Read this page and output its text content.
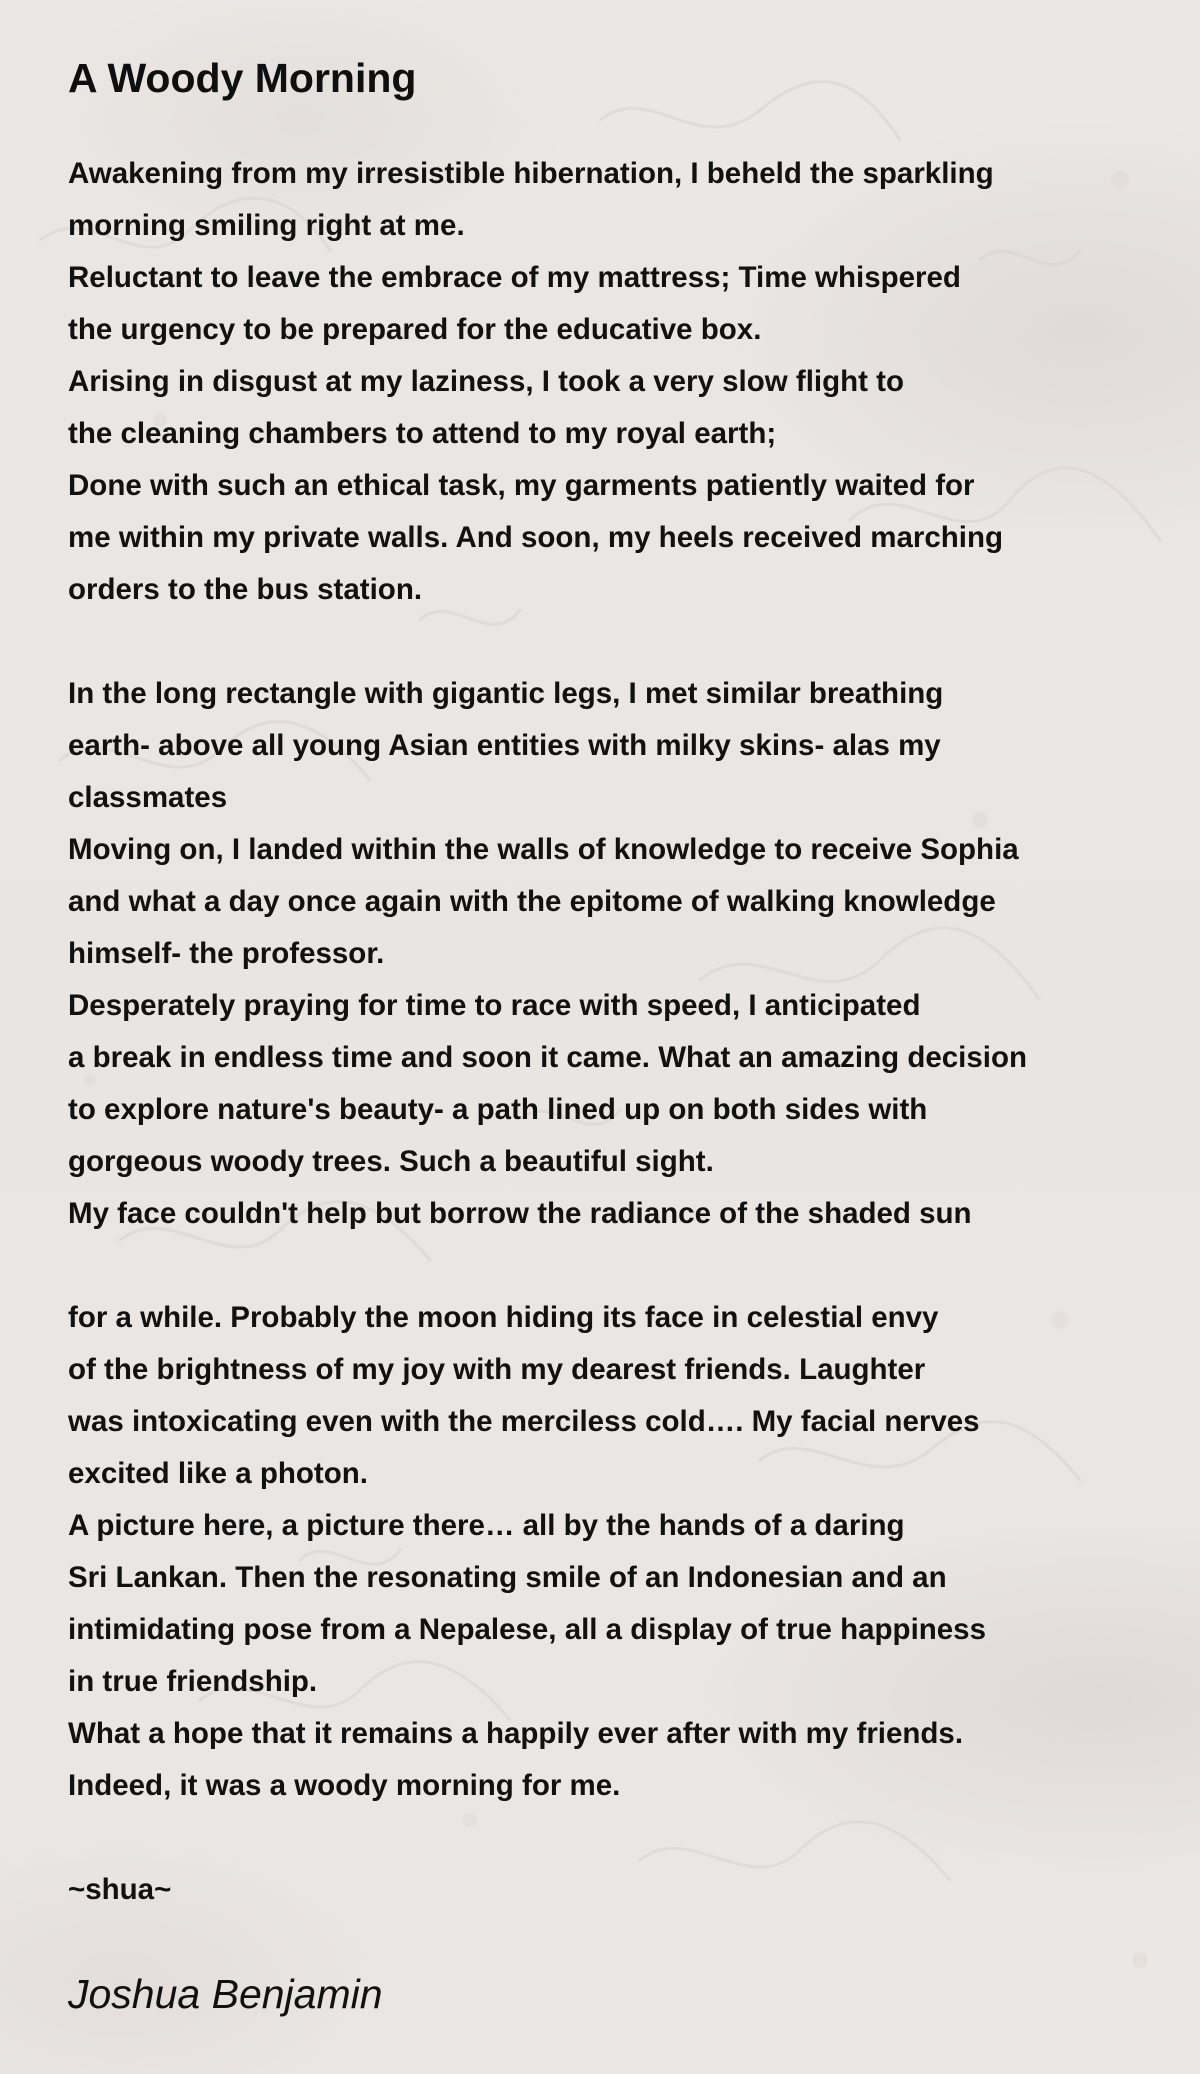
A Woody Morning
Awakening from my irresistible hibernation, I beheld the sparkling
morning smiling right at me.
Reluctant to leave the embrace of my mattress; Time whispered
the urgency to be prepared for the educative box.
Arising in disgust at my laziness, I took a very slow flight to
the cleaning chambers to attend to my royal earth;
Done with such an ethical task, my garments patiently waited for
me within my private walls. And soon, my heels received marching
orders to the bus station.
In the long rectangle with gigantic legs, I met similar breathing
earth- above all young Asian entities with milky skins- alas my
classmates
Moving on, I landed within the walls of knowledge to receive Sophia
and what a day once again with the epitome of walking knowledge
himself- the professor.
Desperately praying for time to race with speed, I anticipated
a break in endless time and soon it came. What an amazing decision
to explore nature's beauty- a path lined up on both sides with
gorgeous woody trees. Such a beautiful sight.
My face couldn't help but borrow the radiance of the shaded sun
for a while. Probably the moon hiding its face in celestial envy
of the brightness of my joy with my dearest friends. Laughter
was intoxicating even with the merciless cold…. My facial nerves
excited like a photon.
A picture here, a picture there… all by the hands of a daring
Sri Lankan. Then the resonating smile of an Indonesian and an
intimidating pose from a Nepalese, all a display of true happiness
in true friendship.
What a hope that it remains a happily ever after with my friends.
Indeed, it was a woody morning for me.
~shua~
Joshua Benjamin
